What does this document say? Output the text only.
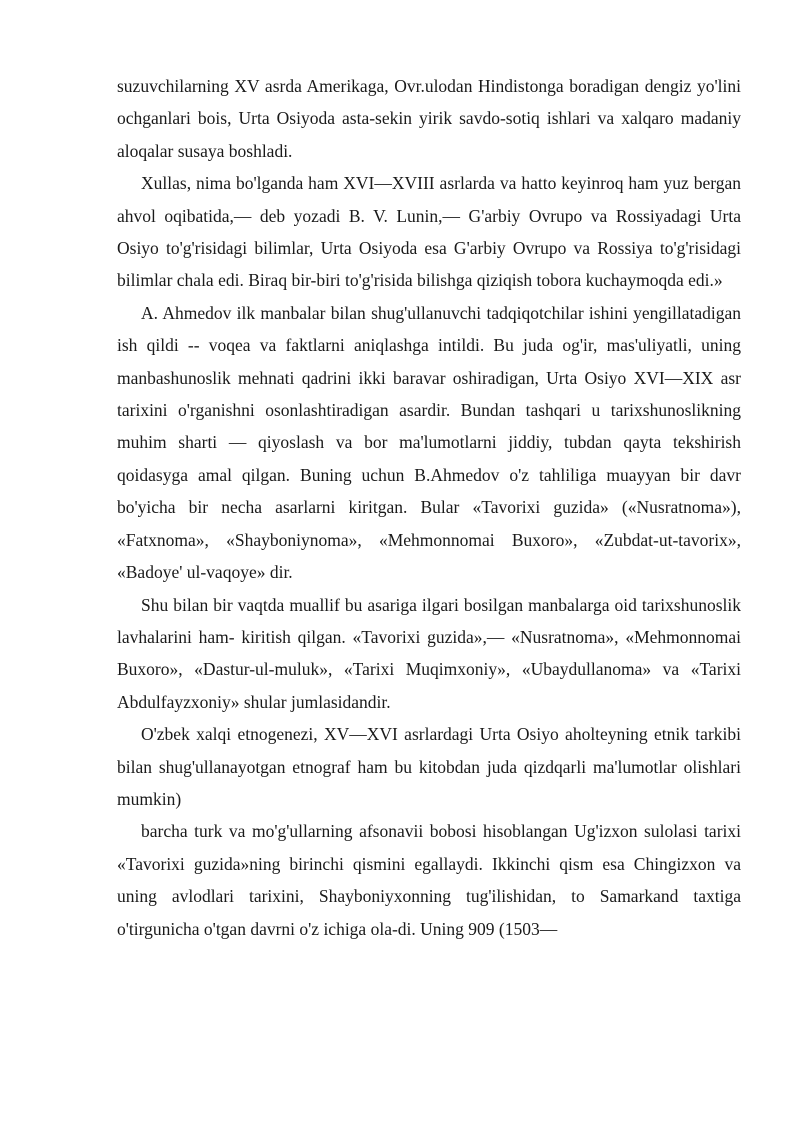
suzuvchilarning XV asrda Amerikaga, Ovr.ulodan Hindistonga boradigan dengiz yo'lini ochganlari bois, Urta Osiyoda asta-sekin yirik savdo-sotiq ishlari va xalqaro madaniy aloqalar susaya boshladi.

Xullas, nima bo'lganda ham XVI—XVIII asrlarda va hatto keyinroq ham yuz bergan ahvol oqibatida,— deb yozadi B. V. Lunin,— G'arbiy Ovrupo va Rossiyadagi Urta Osiyo to'g'risidagi bilimlar, Urta Osiyoda esa G'arbiy Ovrupo va Rossiya to'g'risidagi bilimlar chala edi. Biraq bir-biri to'g'risida bilishga qiziqish tobora kuchaymoqda edi.»

A. Ahmedov ilk manbalar bilan shug'ullanuvchi tadqiqotchilar ishini yengillatadigan ish qildi -- voqea va faktlarni aniqlashga intildi. Bu juda og'ir, mas'uliyatli, uning manbashunoslik mehnati qadrini ikki baravar oshiradigan, Urta Osiyo XVI—XIX asr tarixini o'rganishni osonlashtiradigan asardir. Bundan tashqari u tarixshunoslikning muhim sharti — qiyoslash va bor ma'lumotlarni jiddiy, tubdan qayta tekshirish qoidasyga amal qilgan. Buning uchun B.Ahmedov o'z tahliliga muayyan bir davr bo'yicha bir necha asarlarni kiritgan. Bular «Tavorixi guzida» («Nusratnoma»), «Fatxnoma», «Shayboniynoma», «Mehmonnomai Buxoro», «Zubdat-ut-tavorix», «Badoye' ul-vaqoye» dir.

Shu bilan bir vaqtda muallif bu asariga ilgari bosilgan manbalarga oid tarixshunoslik lavhalarini ham- kiritish qilgan. «Tavorixi guzida»,— «Nusratnoma», «Mehmonnomai Buxoro», «Dastur-ul-muluk», «Tarixi Muqimxoniy», «Ubaydullanoma» va «Tarixi Abdulfayzxoniy» shular jumlasidandir.

O'zbek xalqi etnogenezi, XV—XVI asrlardagi Urta Osiyo aholteyning etnik tarkibi bilan shug'ullanayotgan etnograf ham bu kitobdan juda qizdqarli ma'lumotlar olishlari mumkin)

barcha turk va mo'g'ullarning afsonavii bobosi hisoblangan Ug'izxon sulolasi tarixi «Tavorixi guzida»ning birinchi qismini egallaydi. Ikkinchi qism esa Chingizxon va uning avlodlari tarixini, Shayboniyxonning tug'ilishidan, to Samarkand taxtiga o'tirgunicha o'tgan davrni o'z ichiga ola-di. Uning 909 (1503—
